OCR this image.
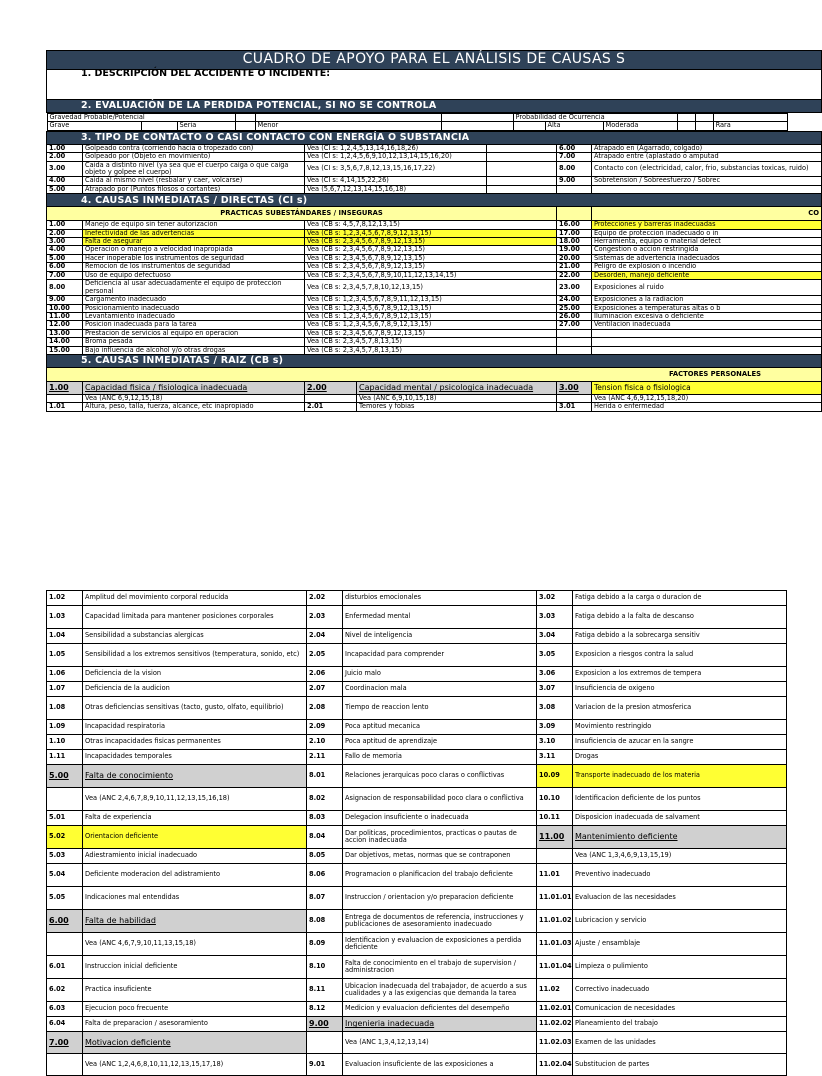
CUADRO DE APOYO PARA EL ANÁLISIS DE CAUSAS S
1. DESCRIPCIÓN DEL ACCIDENTE O INCIDENTE:
2. EVALUACIÓN DE LA PERDIDA POTENCIAL, SI NO SE CONTROLA

Gravedad Probable/Potencial				Probabilidad de Ocurrencia			
Grave		Seria		Menor			Alta	Moderada			Rara

3. TIPO DE CONTACTO O CASI CONTACTO CON ENERGÍA O SUBSTANCIA
1.00	Golpeado contra (corriendo hacia o tropezado con)	Vea (CI s: 1,2,4,5,13,14,16,18,26)		6.00	Atrapado en (Agarrado, colgado)
2.00	Golpeado por (Objeto en movimiento)	Vea (CI s: 1,2,4,5,6,9,10,12,13,14,15,16,20)		7.00	Atrapado entre (aplastado o amputad
3.00	Caida a distinto nivel (ya sea que el cuerpo caiga o que caiga objeto y golpee el cuerpo)	Vea (CI s: 3,5,6,7,8,12,13,15,16,17,22)		8.00	Contacto con (electricidad, calor, frio, substancias toxicas, ruido)
4.00	Caida al mismo nivel (resbalar y caer, volcarse)	Vea (CI s: 4,14,15,22,26)		9.00	Sobretension / Sobreesfuerzo / Sobrec
5.00	Atrapado por (Puntos filosos o cortantes)	Vea (5,6,7,12,13,14,15,16,18)			
4. CAUSAS INMEDIATAS / DIRECTAS (CI s)
PRACTICAS SUBESTÁNDARES / INSEGURAS		CO
1.00	Manejo de equipo sin tener autorizacion	Vea (CB s: 4,5,7,8,12,13,15)	16.00	Protecciones y barreras inadecuadas
2.00	Inefectividad de las advertencias	Vea (CB s: 1,2,3,4,5,6,7,8,9,12,13,15)	17.00	Equipo de proteccion inadecuado o in
3.00	Falta de asegurar	Vea (CB s: 2,3,4,5,6,7,8,9,12,13,15)	18.00	Herramienta, equipo o material defect
4.00	Operacion o manejo a velocidad inapropiada	Vea (CB s: 2,3,4,5,6,7,8,9,12,13,15)	19.00	Congestion o accion restringida
5.00	Hacer inoperable los instrumentos de seguridad	Vea (CB s: 2,3,4,5,6,7,8,9,12,13,15)	20.00	Sistemas de advertencia inadecuados
6.00	Remocion de los instrumentos de seguridad	Vea (CB s: 2,3,4,5,6,7,8,9,12,13,15)	21.00	Peligro de explosion o incendio
7.00	Uso de equipo defectuoso	Vea (CB s: 2,3,4,5,6,7,8,9,10,11,12,13,14,15)	22.00	Desorden, manejo deficiente
8.00	Deficiencia al usar adecuadamente el equipo de proteccion personal	Vea (CB s: 2,3,4,5,7,8,10,12,13,15)	23.00	Exposiciones al ruido
9.00	Cargamento inadecuado	Vea (CB s: 1,2,3,4,5,6,7,8,9,11,12,13,15)	24.00	Exposiciones a la radiacion
10.00	Posicionamiento inadecuado	Vea (CB s: 1,2,3,4,5,6,7,8,9,12,13,15)	25.00	Exposiciones a temperaturas altas o b
11.00	Levantamiento inadecuado	Vea (CB s: 1,2,3,4,5,6,7,8,9,12,13,15)	26.00	Iluminacion excesiva o deficiente
12.00	Posicion inadecuada para la tarea	Vea (CB s: 1,2,3,4,5,6,7,8,9,12,13,15)	27.00	Ventilacion inadecuada
13.00	Prestacion de servicios al equipo en operacion	Vea (CB s: 2,3,4,5,6,7,8,9,12,13,15)		
14.00	Broma pesada	Vea (CB s: 2,3,4,5,7,8,13,15)		
15.00	Bajo influencia de alcohol y/o otras drogas	Vea (CB s: 2,3,4,5,7,8,13,15)		
5. CAUSAS INMEDIATAS / RAIZ (CB s)
FACTORES PERSONALES
1.00	Capacidad fisica / fisiologica inadecuada	2.00	Capacidad mental / psicologica inadecuada	3.00	Tension fisica o fisiologica
	Vea (ANC 6,9,12,15,18)		Vea (ANC 6,9,10,15,18)		Vea (ANC 4,6,9,12,15,18,20)
1.01	Altura, peso, talla, fuerza, alcance, etc inapropiado	2.01	Temores y fobias	3.01	Herida o enfermedad
1.02	Amplitud del movimiento corporal reducida	2.02	disturbios emocionales	3.02	Fatiga debido a la carga o duracion de
1.03	Capacidad limitada para mantener posiciones corporales	2.03	Enfermedad mental	3.03	Fatiga debido a la falta de descanso
1.04	Sensibilidad a substancias alergicas	2.04	Nivel de inteligencia	3.04	Fatiga debido a la sobrecarga sensitiv
1.05	Sensibilidad a los extremos sensitivos (temperatura, sonido, etc)	2.05	Incapacidad para comprender	3.05	Exposicion a riesgos contra la salud
1.06	Deficiencia de la vision	2.06	Juicio malo	3.06	Exposicion a los extremos de tempera
1.07	Deficiencia de la audicion	2.07	Coordinacion mala	3.07	Insuficiencia de oxigeno
1.08	Otras deficiencias sensitivas (tacto, gusto, olfato, equilibrio)	2.08	Tiempo de reaccion lento	3.08	Variacion de la presion atmosferica
1.09	Incapacidad respiratoria	2.09	Poca aptitud mecanica	3.09	Movimiento restringido
1.10	Otras incapacidades fisicas permanentes	2.10	Poca aptitud de aprendizaje	3.10	Insuficiencia de azucar en la sangre
1.11	Incapacidades temporales	2.11	Fallo de memoria	3.11	Drogas
5.00	Falta de conocimiento	8.01	Relaciones jerarquicas poco claras o conflictivas	10.09	Transporte inadecuado de los materia
	Vea (ANC 2,4,6,7,8,9,10,11,12,13,15,16,18)	8.02	Asignacion de responsabilidad poco clara o conflictiva	10.10	Identificacion deficiente de los puntos
5.01	Falta de experiencia	8.03	Delegacion insuficiente o inadecuada	10.11	Disposicion inadecuada de salvament
5.02	Orientacion deficiente	8.04	Dar politicas, procedimientos, practicas o pautas de accion inadecuada	11.00	Mantenimiento deficiente
5.03	Adiestramiento inicial inadecuado	8.05	Dar objetivos, metas, normas que se contraponen		Vea (ANC 1,3,4,6,9,13,15,19)
5.04	Deficiente moderacion del adistramiento	8.06	Programacion o planificacion del trabajo deficiente	11.01	Preventivo inadecuado
5.05	Indicaciones mal entendidas	8.07	Instruccion / orientacion y/o preparacion deficiente	11.01.01	Evaluacion de las necesidades
6.00	Falta de habilidad	8.08	Entrega de documentos de referencia, instrucciones y publicaciones de asesoramiento inadecuado	11.01.02	Lubricacion y servicio
	Vea (ANC 4,6,7,9,10,11,13,15,18)	8.09	Identificacion y evaluacion de exposiciones a perdida deficiente	11.01.03	Ajuste / ensamblaje
6.01	Instruccion inicial deficiente	8.10	Falta de conocimiento en el trabajo de supervision / administracion	11.01.04	Limpieza o pulimiento
6.02	Practica insuficiente	8.11	Ubicacion inadecuada del trabajador, de acuerdo a sus cualidades y a las exigencias que demanda la tarea	11.02	Correctivo inadecuado
6.03	Ejecucion poco frecuente	8.12	Medicion y evaluacion deficientes del desempeño	11.02.01	Comunicacion de necesidades
6.04	Falta de preparacion / asesoramiento	9.00	Ingenieria inadecuada	11.02.02	Planeamiento del trabajo
7.00	Motivacion deficiente		Vea (ANC 1,3,4,12,13,14)	11.02.03	Examen de las unidades
	Vea (ANC 1,2,4,6,8,10,11,12,13,15,17,18)	9.01	Evaluacion insuficiente de las exposiciones a	11.02.04	Substitucion de partes
